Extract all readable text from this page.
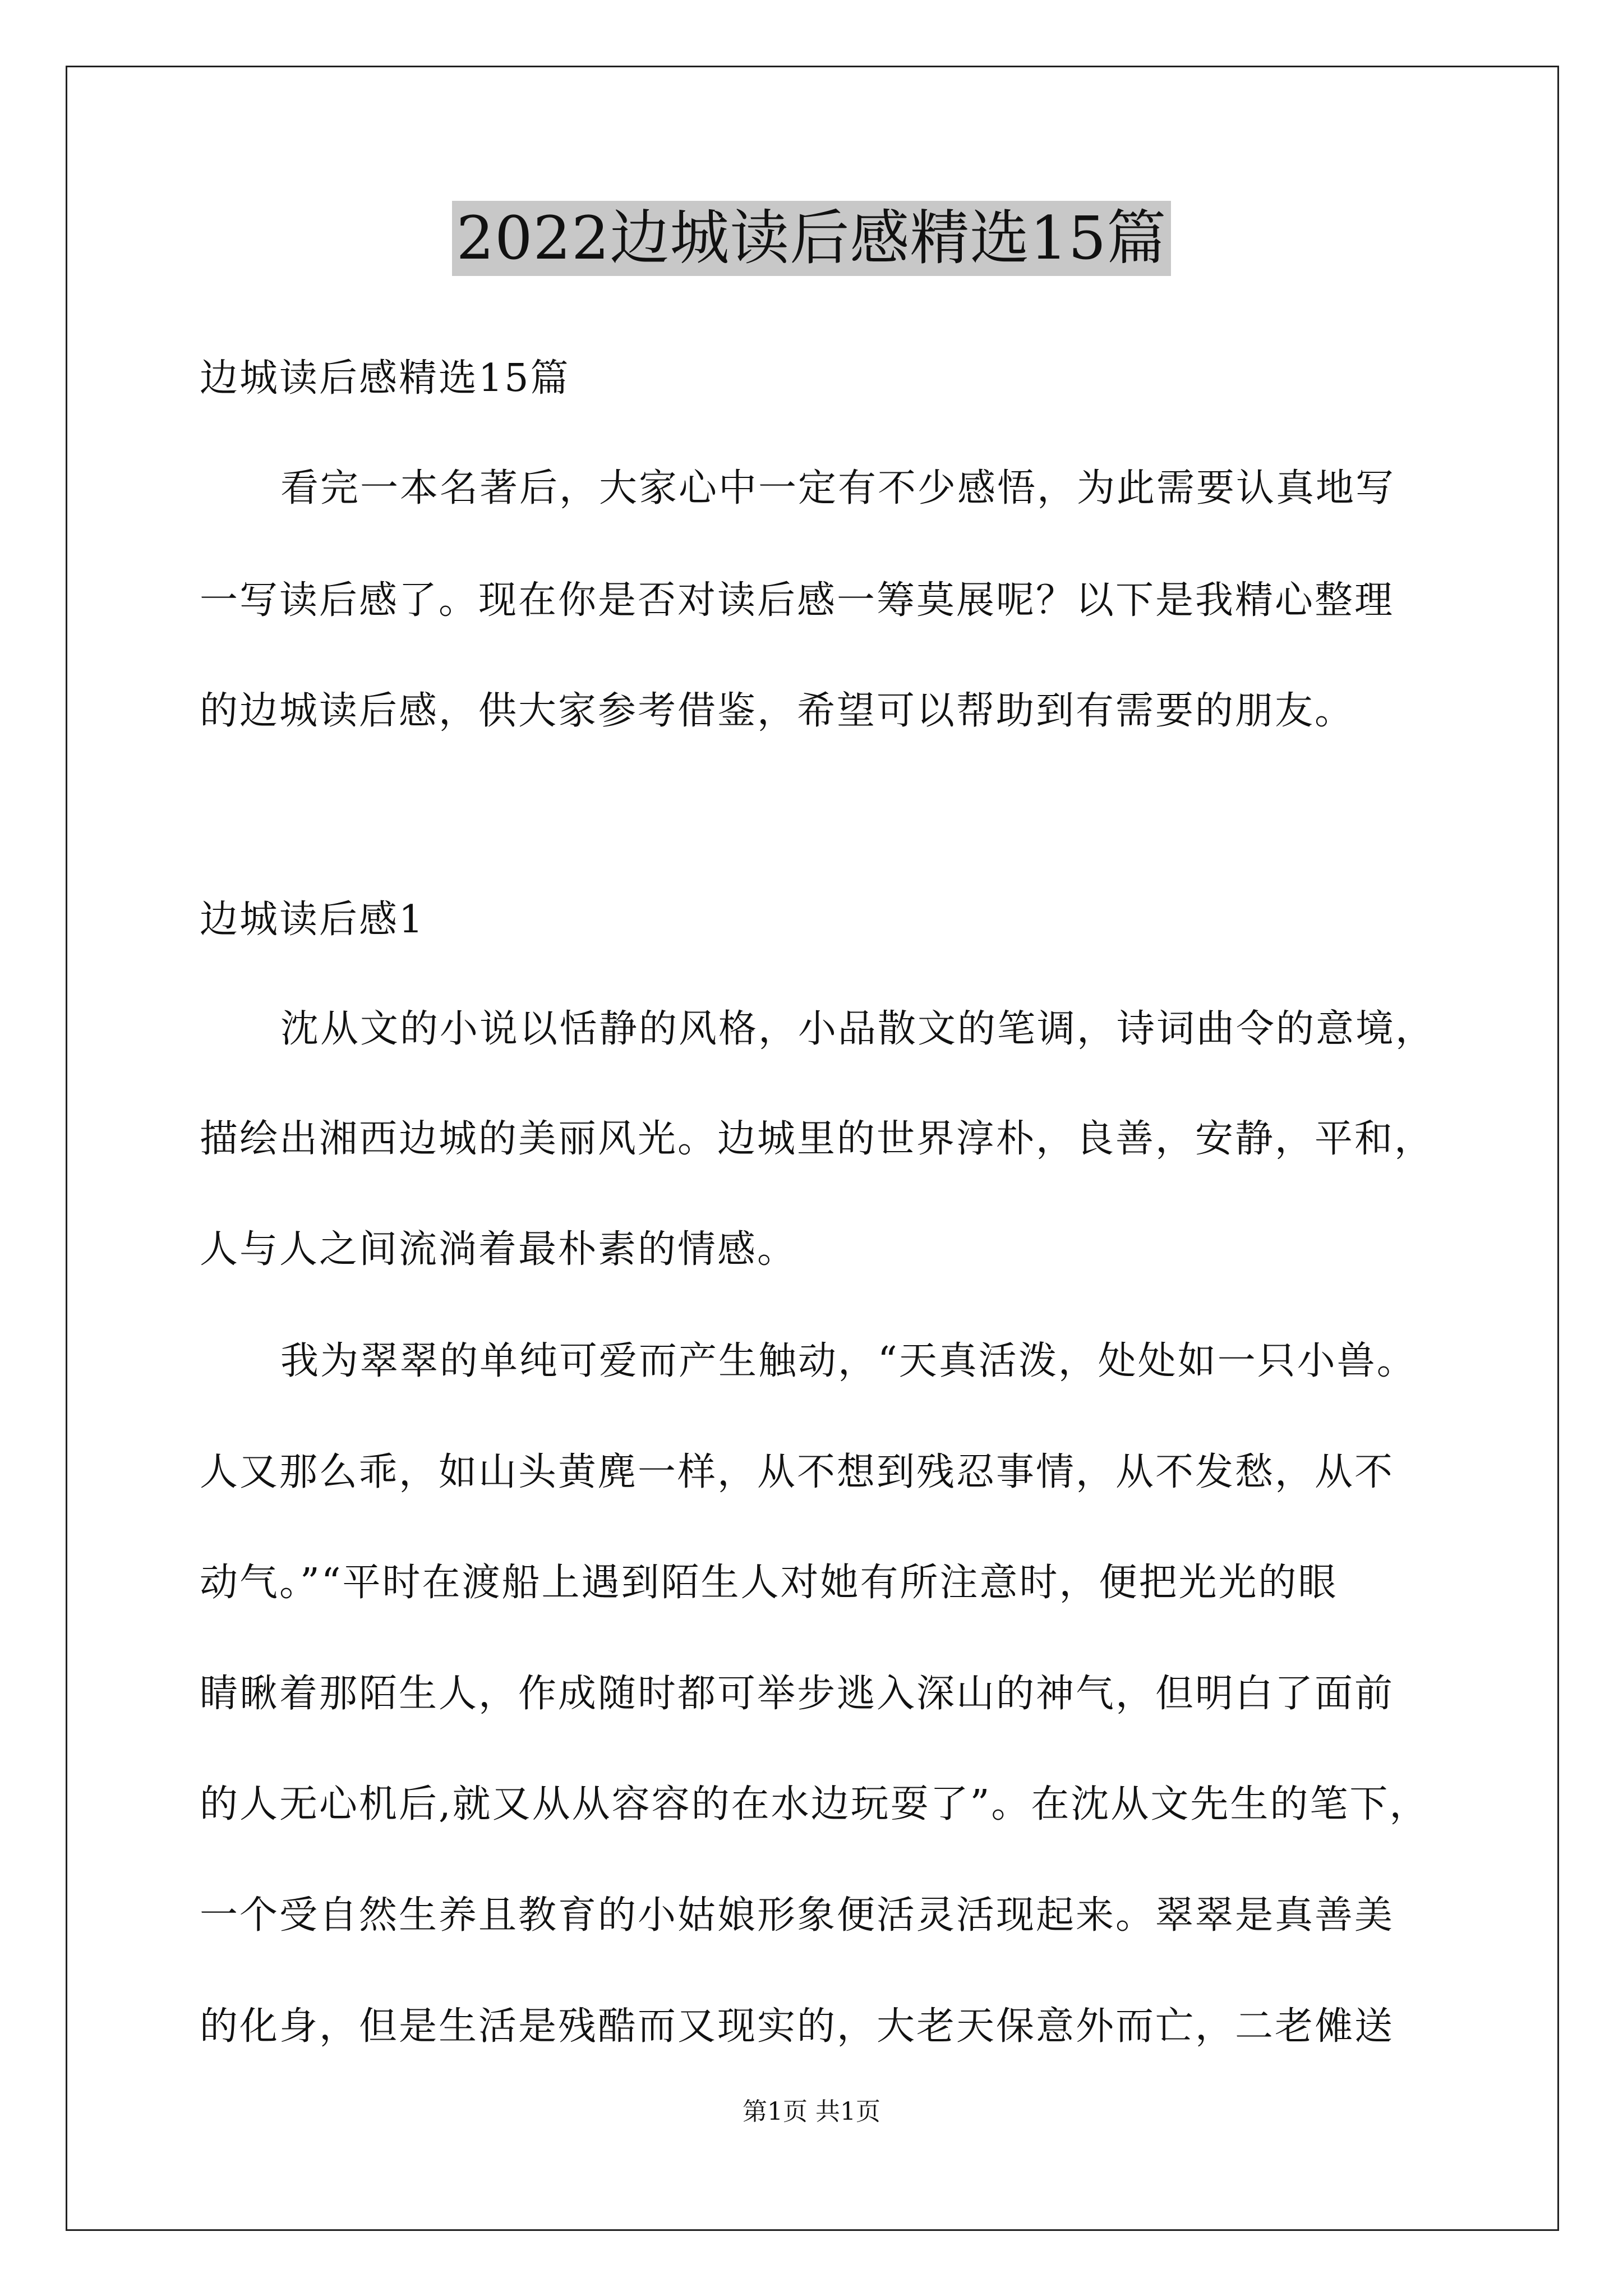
2022边城读后感精选15篇
边城读后感精选15篇
看完一本名著后，大家心中一定有不少感悟，为此需要认真地写
一写读后感了。现在你是否对读后感一筹莫展呢？以下是我精心整理
的边城读后感，供大家参考借鉴，希望可以帮助到有需要的朋友。
边城读后感1
沈从文的小说以恬静的风格，小品散文的笔调，诗词曲令的意境，
描绘出湘西边城的美丽风光。边城里的世界淳朴，良善，安静，平和，
人与人之间流淌着最朴素的情感。
我为翠翠的单纯可爱而产生触动，“天真活泼，处处如一只小兽。
人又那么乖，如山头黄麂一样，从不想到残忍事情，从不发愁，从不
动气。”“平时在渡船上遇到陌生人对她有所注意时，便把光光的眼
睛瞅着那陌生人，作成随时都可举步逃入深山的神气，但明白了面前
的人无心机后,就又从从容容的在水边玩耍了”。在沈从文先生的笔下，
一个受自然生养且教育的小姑娘形象便活灵活现起来。翠翠是真善美
的化身，但是生活是残酷而又现实的，大老天保意外而亡，二老傩送
第1页 共1页
